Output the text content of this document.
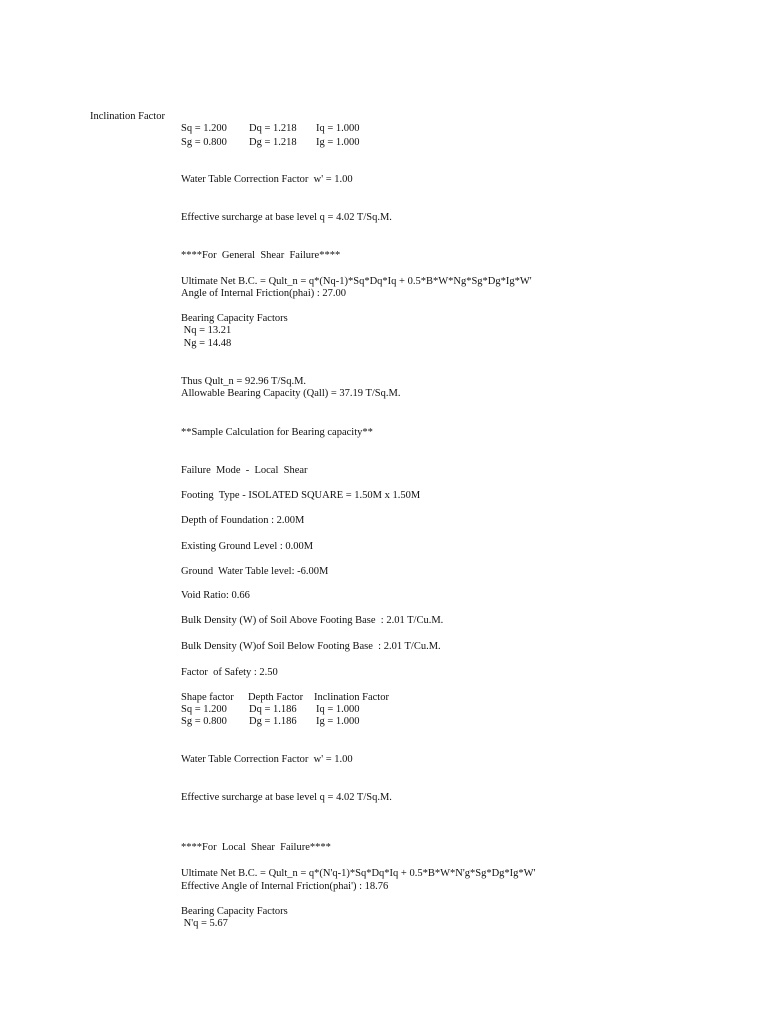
Inclination Factor
Sq = 1.200 Dq = 1.218 Iq = 1.000
Sg = 0.800 Dg = 1.218 Ig = 1.000
Water Table Correction Factor  w' = 1.00
Effective surcharge at base level q = 4.02 T/Sq.M.
****For  General  Shear  Failure****
Ultimate Net B.C. = Qult_n = q*(Nq-1)*Sq*Dq*Iq + 0.5*B*W*Ng*Sg*Dg*Ig*W'
Angle of Internal Friction(phai) : 27.00
Bearing Capacity Factors
Nq = 13.21
Ng = 14.48
Thus Qult_n = 92.96 T/Sq.M.
Allowable Bearing Capacity (Qall) = 37.19 T/Sq.M.
**Sample Calculation for Bearing capacity**
Failure  Mode  -  Local  Shear
Footing  Type - ISOLATED SQUARE = 1.50M x 1.50M
Depth of Foundation : 2.00M
Existing Ground Level : 0.00M
Ground  Water Table level: -6.00M
Void Ratio: 0.66
Bulk Density (W) of Soil Above Footing Base  : 2.01 T/Cu.M.
Bulk Density (W)of Soil Below Footing Base  : 2.01 T/Cu.M.
Factor  of Safety : 2.50
Shape factor Depth Factor Inclination Factor
Sq = 1.200 Dq = 1.186 Iq = 1.000
Sg = 0.800 Dg = 1.186 Ig = 1.000
Water Table Correction Factor  w' = 1.00
Effective surcharge at base level q = 4.02 T/Sq.M.
****For  Local  Shear  Failure****
Ultimate Net B.C. = Qult_n = q*(N'q-1)*Sq*Dq*Iq + 0.5*B*W*N'g*Sg*Dg*Ig*W'
Effective Angle of Internal Friction(phai') : 18.76
Bearing Capacity Factors
N'q = 5.67
